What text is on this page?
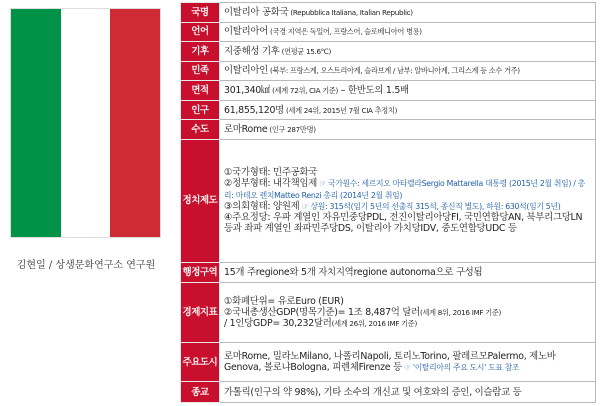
김현일 / 상생문화연구소 연구원
국명	이탈리아 공화국 (Repubblica Italiana, Italian Republic)
언어	이탈리아어 (국경 지역은 독일어, 프랑스어, 슬로베니아어 병용)
기후	지중해성 기후 (연평균 15.6℃)
민족	이탈리아인 (북부: 프랑스계, 오스트리아계, 슬라브계 / 남부: 알바니아계, 그리스계 등 소수 거주)
면적	301,340㎢ (세계 72위, CIA 기준) – 한반도의 1.5배
인구	61,855,120명 (세계 24위, 2015년 7월 CIA 추정치)
수도	로마Rome (인구 287만명)
정치제도	①국가형태: 민주공화국
②정부형태: 내각책임제 ☞ 국가원수: 세르지오 마타렐라Sergio Mattarella 대통령 (2015년 2월 취임) / 총리: 마테오 렌치Matteo Renzi 총리 (2014년 2월 취임)
③의회형태: 양원제 ☞ 상원: 315석(임기 5년의 선출직 315석, 종신직 별도), 하원: 630석(임기 5년)
④주요정당: 우파 계열인 자유민중당PDL, 전진이탈리아당FI, 국민연합당AN, 북부리그당LN 등과 좌파 계열인 좌파민주당DS, 이탈리아 가치당IDV, 중도연합당UDC 등

행정구역	15개 주regione와 5개 자치지역regione autonoma으로 구성됨
경제지표	①화폐단위= 유로Euro (EUR)
②국내총생산GDP(명목기준)= 1조 8,487억 달러(세계 8위, 2016 IMF 기준)
/ 1인당GDP= 30,232달러(세계 26위, 2016 IMF 기준)

주요도시	로마Rome, 밀라노Milano, 나폴리Napoli, 토리노Torino, 팔레르모Palermo, 제노바Genova, 볼로냐Bologna, 피렌체Firenze 등 ☞ '이탈리아의 주요 도시' 도표 참조
종교	가톨릭(인구의 약 98%), 기타 소수의 개신교 및 여호와의 증인, 이슬람교 등
